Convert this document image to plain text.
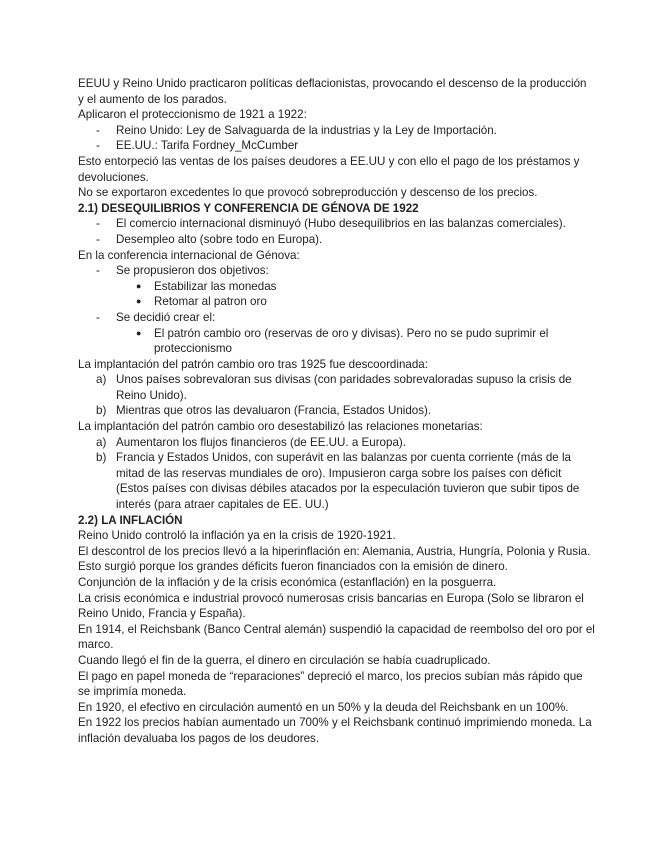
EEUU y Reino Unido practicaron políticas deflacionistas, provocando el descenso de la producción y el aumento de los parados.

Aplicaron el proteccionismo de 1921 a 1922:

- Reino Unido: Ley de Salvaguarda de la industrias y la Ley de Importación.
- EE.UU.: Tarifa Fordney_McCumber

Esto entorpeció las ventas de los países deudores a EE.UU y con ello el pago de los préstamos y devoluciones.

No se exportaron excedentes lo que provocó sobreproducción y descenso de los precios.

2.1) DESEQUILIBRIOS Y CONFERENCIA DE GÉNOVA DE 1922

- El comercio internacional disminuyó (Hubo desequilibrios en las balanzas comerciales).
- Desempleo alto (sobre todo en Europa).

En la conferencia internacional de Génova:

- Se propusieron dos objetivos:
● Estabilizar las monedas
● Retomar al patron oro
- Se decidió crear el:
● El patrón cambio oro (reservas de oro y divisas). Pero no se pudo suprimir el proteccionismo

La implantación del patrón cambio oro tras 1925 fue descoordinada:

a) Unos países sobrevaloran sus divisas (con paridades sobrevaloradas supuso la crisis de Reino Unido).
b) Mientras que otros las devaluaron (Francia, Estados Unidos).

La implantación del patrón cambio oro desestabilizó las relaciones monetarias:

a) Aumentaron los flujos financieros (de EE.UU. a Europa).
b) Francia y Estados Unidos, con superávit en las balanzas por cuenta corriente (más de la mitad de las reservas mundiales de oro). Impusieron carga sobre los países con déficit (Estos países con divisas débiles atacados por la especulación tuvieron que subir tipos de interés (para atraer capitales de EE. UU.)

2.2) LA INFLACIÓN

Reino Unido controló la inflación ya en la crisis de 1920-1921.

El descontrol de los precios llevó a la hiperinflación en: Alemania, Austria, Hungría, Polonia y Rusia. Esto surgió porque los grandes déficits fueron financiados con la emisión de dinero.

Conjunción de la inflación y de la crisis económica (estanflación) en la posguerra.

La crisis económica e industrial provocó numerosas crisis bancarias en Europa (Solo se libraron el Reino Unido, Francia y España).

En 1914, el Reichsbank (Banco Central alemán) suspendió la capacidad de reembolso del oro por el marco.

Cuando llegó el fin de la guerra, el dinero en circulación se había cuadruplicado.

El pago en papel moneda de “reparaciones” depreció el marco, los precios subían más rápido que se imprimía moneda.

En 1920, el efectivo en circulación aumentó en un 50% y la deuda del Reichsbank en un 100%.

En 1922 los precios habían aumentado un 700% y el Reichsbank continuó imprimiendo moneda. La inflación devaluaba los pagos de los deudores.
